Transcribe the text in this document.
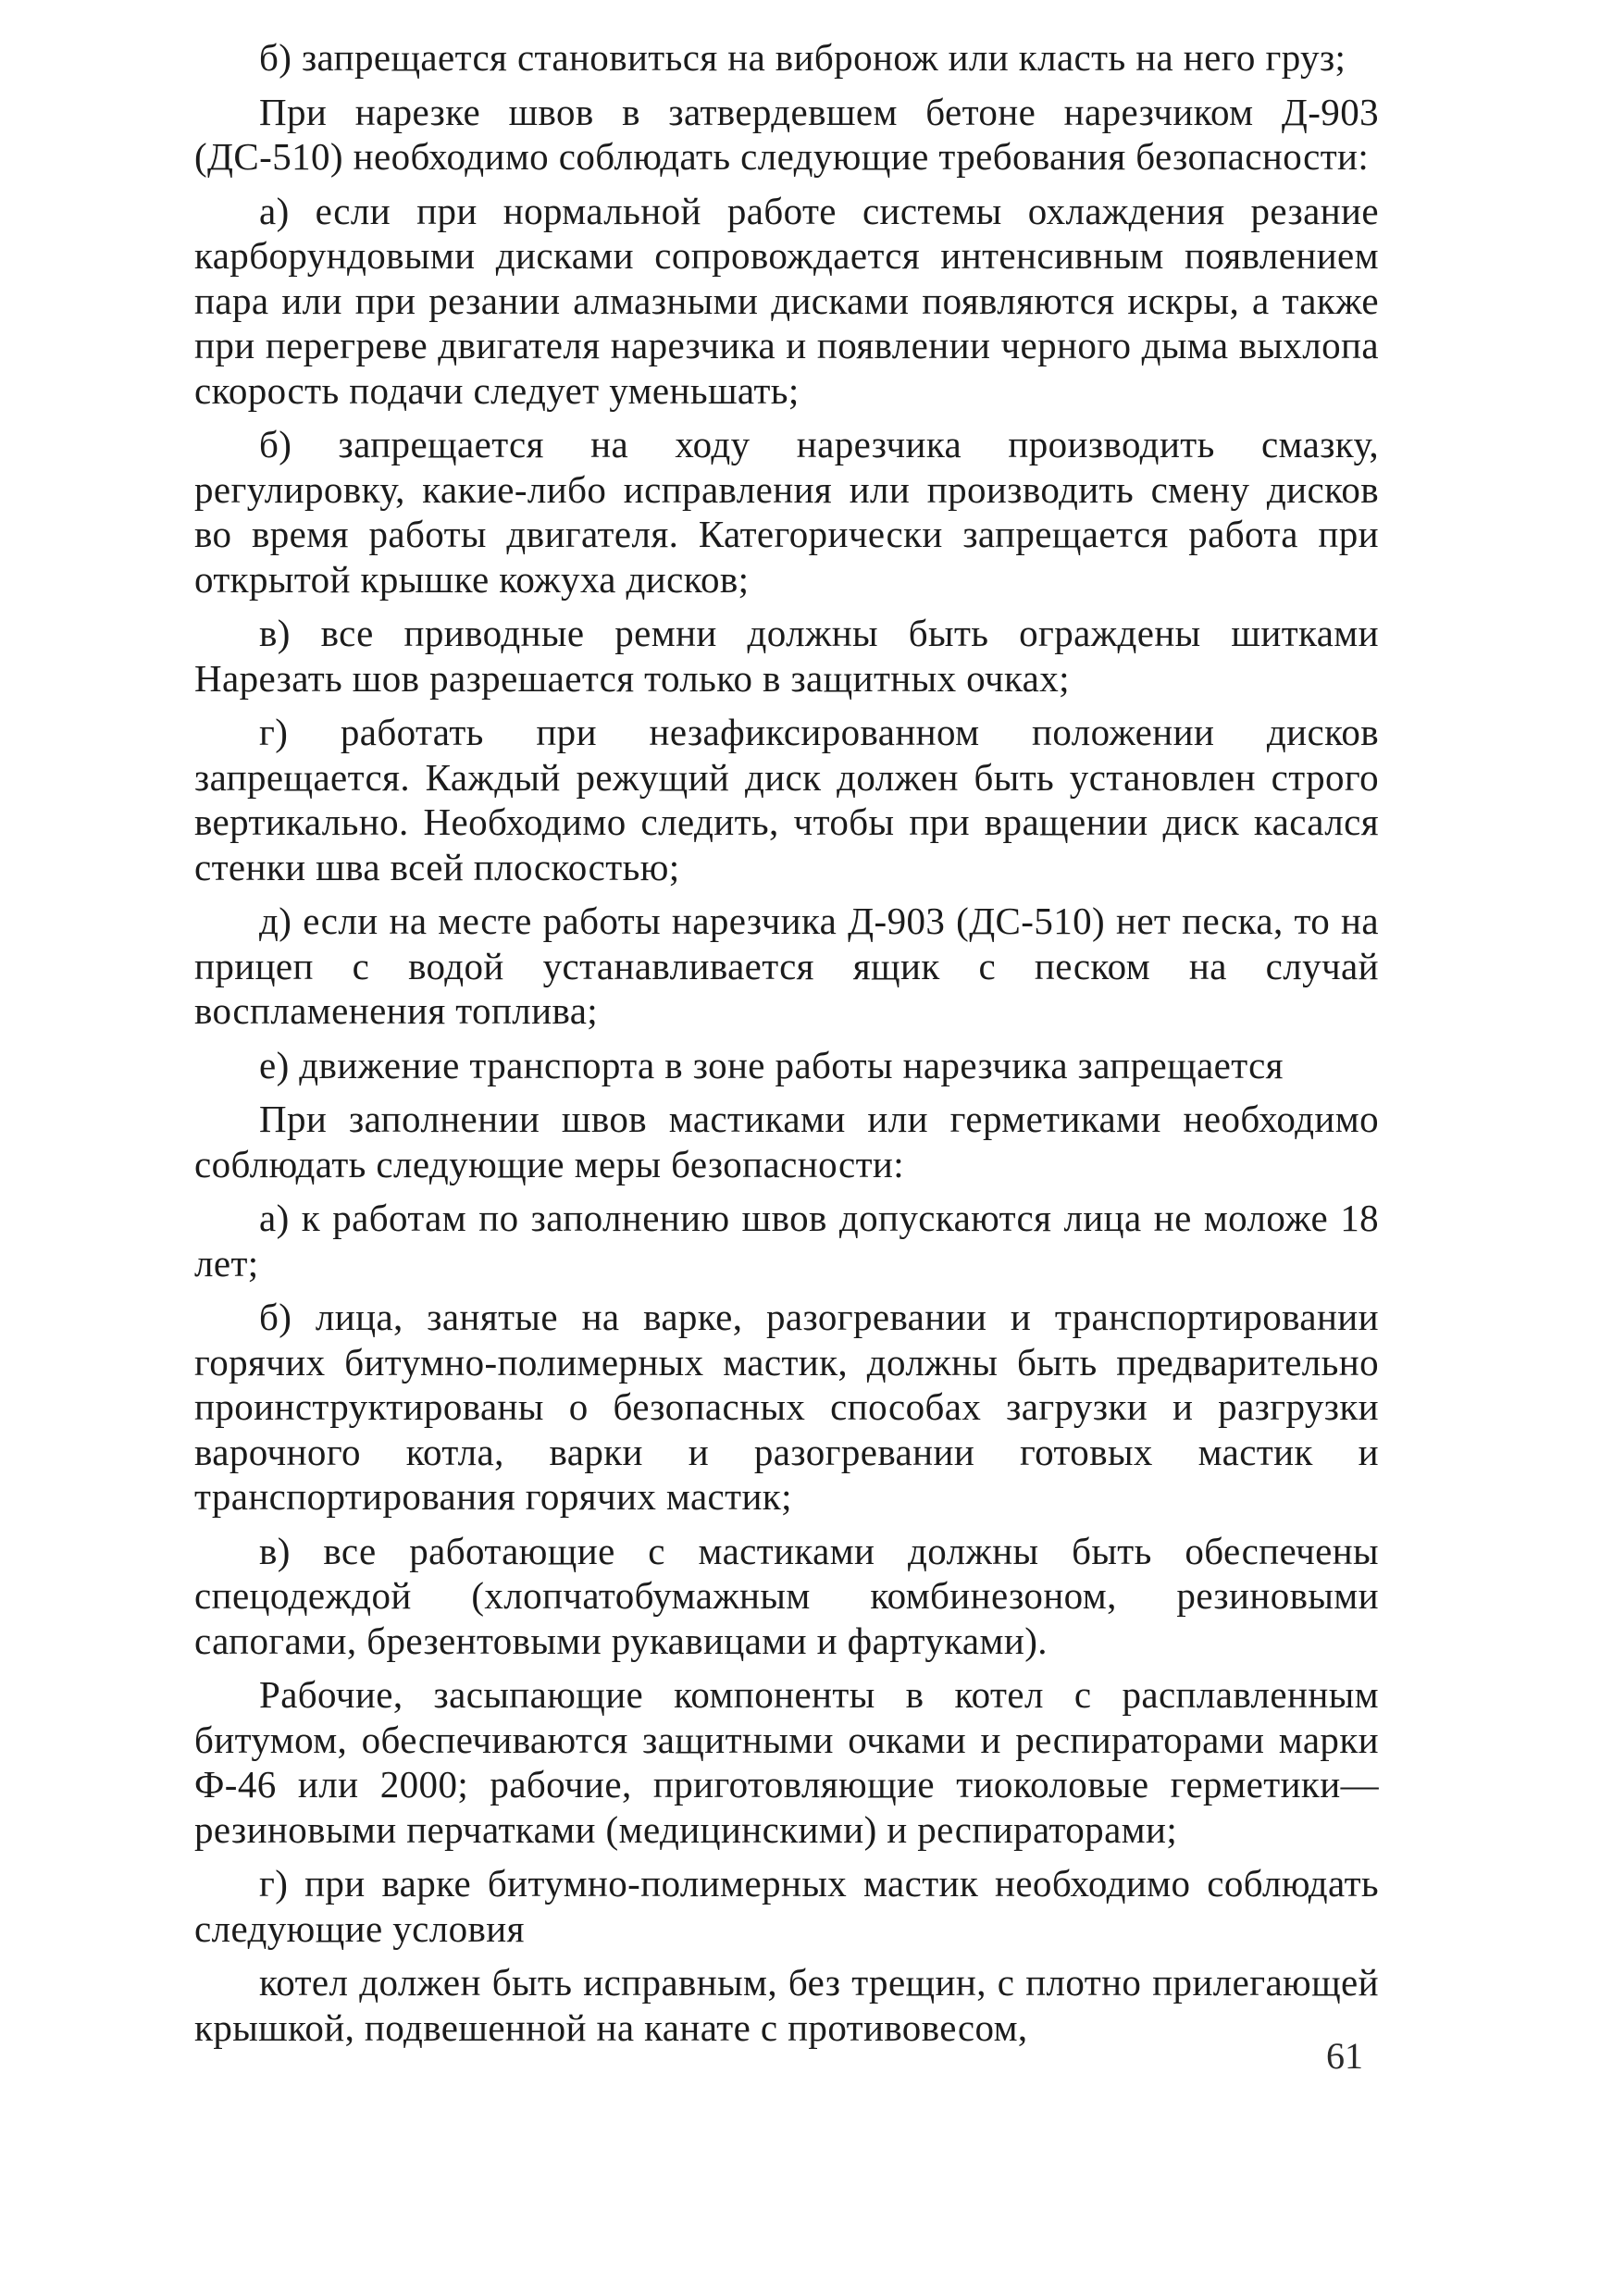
б) запрещается становиться на вибронож или класть на него груз;

При нарезке швов в затвердевшем бетоне нарезчиком Д-903 (ДС-510) необходимо соблюдать следующие требования безопасности:

а) если при нормальной работе системы охлаждения резание карборундовыми дисками сопровождается интенсивным появлением пара или при резании алмазными дисками появляются искры, а также при перегреве двигателя нарезчика и появлении черного дыма выхлопа скорость подачи следует уменьшать;

б) запрещается на ходу нарезчика производить смазку, регулировку, какие-либо исправления или производить смену дисков во время работы двигателя. Категорически запрещается работа при открытой крышке кожуха дисков;

в) все приводные ремни должны быть ограждены шитками Нарезать шов разрешается только в защитных очках;

г) работать при незафиксированном положении дисков запрещается. Каждый режущий диск должен быть установлен строго вертикально. Необходимо следить, чтобы при вращении диск касался стенки шва всей плоскостью;

д) если на месте работы нарезчика Д-903 (ДС-510) нет песка, то на прицеп с водой устанавливается ящик с песком на случай воспламенения топлива;

е) движение транспорта в зоне работы нарезчика запрещается

При заполнении швов мастиками или герметиками необходимо соблюдать следующие меры безопасности:

а) к работам по заполнению швов допускаются лица не моложе 18 лет;

б) лица, занятые на варке, разогревании и транспортировании горячих битумно-полимерных мастик, должны быть предварительно проинструктированы о безопасных способах загрузки и разгрузки варочного котла, варки и разогревании готовых мастик и транспортирования горячих мастик;

в) все работающие с мастиками должны быть обеспечены спецодеждой (хлопчатобумажным комбинезоном, резиновыми сапогами, брезентовыми рукавицами и фартуками).

Рабочие, засыпающие компоненты в котел с расплавленным битумом, обеспечиваются защитными очками и респираторами марки Ф-46 или 2000; рабочие, приготовляющие тиоколовые герметики—резиновыми перчатками (медицинскими) и респираторами;

г) при варке битумно-полимерных мастик необходимо соблюдать следующие условия

котел должен быть исправным, без трещин, с плотно прилегающей крышкой, подвешенной на канате с противовесом,

61
